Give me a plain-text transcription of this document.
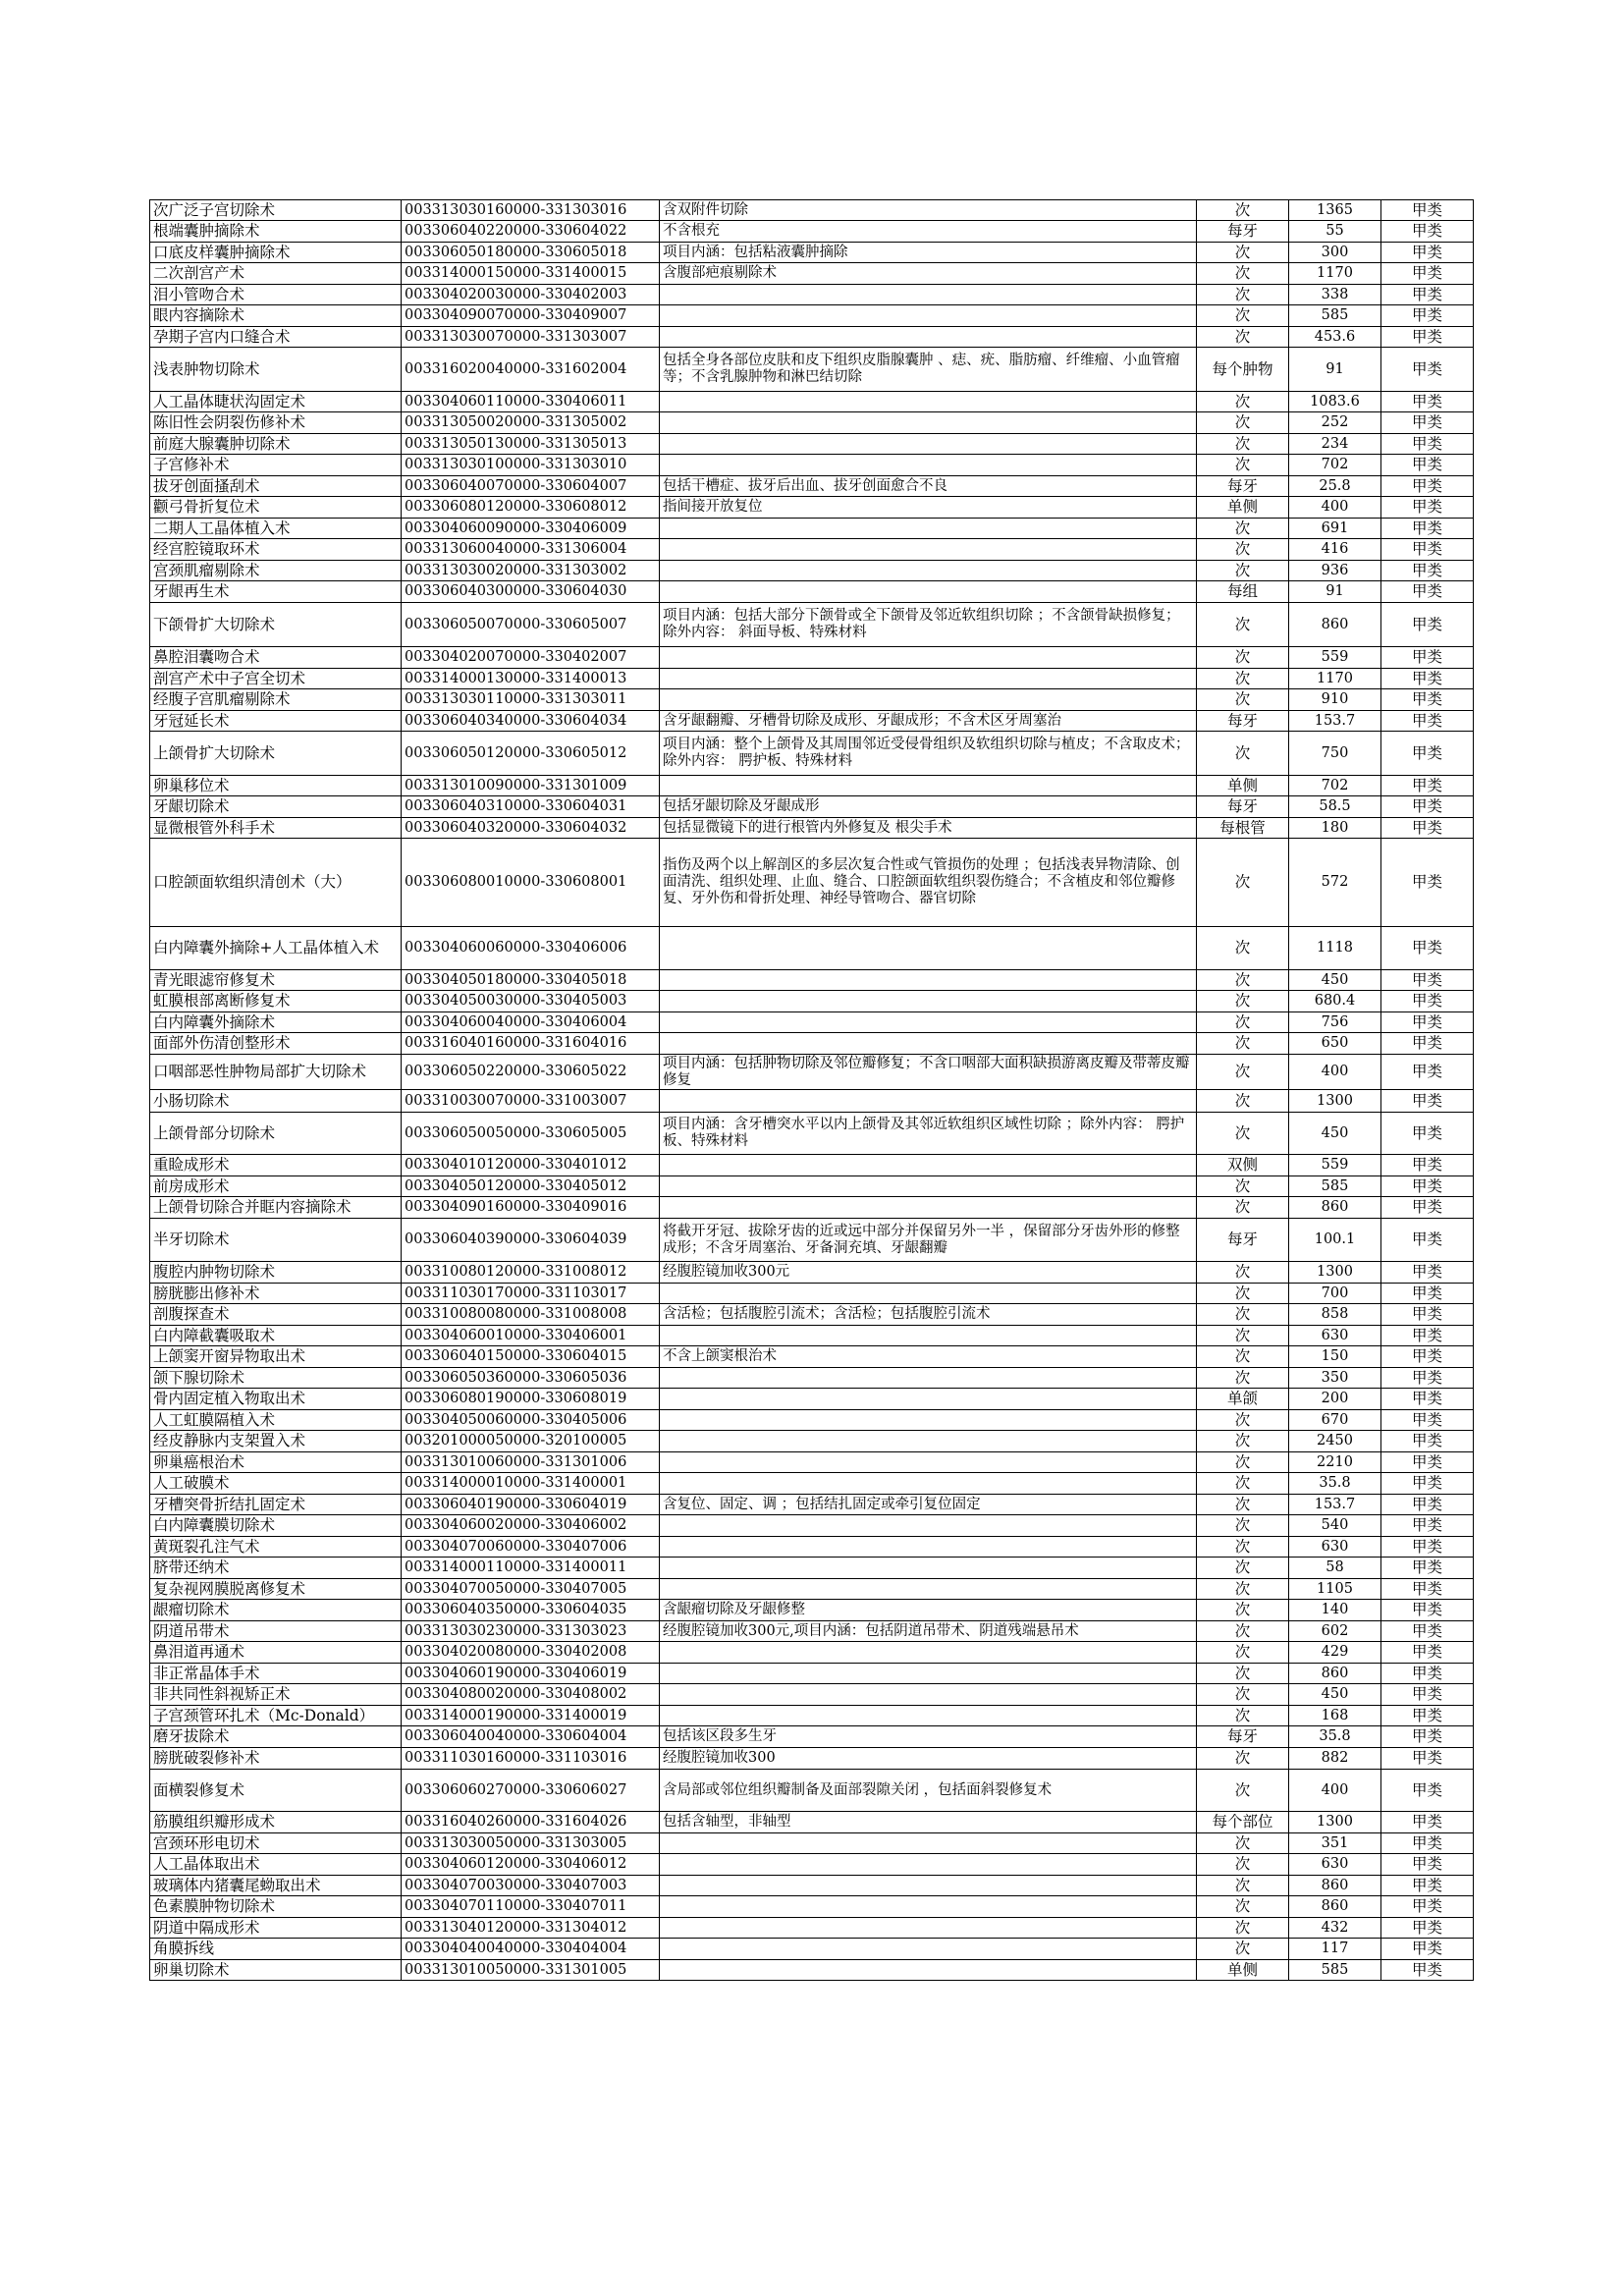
次广泛子宫切除术	003313030160000-331303016	含双附件切除	次	1365	甲类
根端囊肿摘除术	003306040220000-330604022	不含根充	每牙	55	甲类
口底皮样囊肿摘除术	003306050180000-330605018	项目内涵：包括粘液囊肿摘除	次	300	甲类
二次剖宫产术	003314000150000-331400015	含腹部疤痕剔除术	次	1170	甲类
泪小管吻合术	003304020030000-330402003		次	338	甲类
眼内容摘除术	003304090070000-330409007		次	585	甲类
孕期子宫内口缝合术	003313030070000-331303007		次	453.6	甲类
浅表肿物切除术	003316020040000-331602004	包括全身各部位皮肤和皮下组织皮脂腺囊肿 、痣、疣、脂肪瘤、纤维瘤、小血管瘤等；不含乳腺肿物和淋巴结切除	每个肿物	91	甲类
人工晶体睫状沟固定术	003304060110000-330406011		次	1083.6	甲类
陈旧性会阴裂伤修补术	003313050020000-331305002		次	252	甲类
前庭大腺囊肿切除术	003313050130000-331305013		次	234	甲类
子宫修补术	003313030100000-331303010		次	702	甲类
拔牙创面搔刮术	003306040070000-330604007	包括干槽症、拔牙后出血、拔牙创面愈合不良	每牙	25.8	甲类
颧弓骨折复位术	003306080120000-330608012	指间接开放复位	单侧	400	甲类
二期人工晶体植入术	003304060090000-330406009		次	691	甲类
经宫腔镜取环术	003313060040000-331306004		次	416	甲类
宫颈肌瘤剔除术	003313030020000-331303002		次	936	甲类
牙龈再生术	003306040300000-330604030		每组	91	甲类
下颌骨扩大切除术	003306050070000-330605007	项目内涵：包括大部分下颌骨或全下颌骨及邻近软组织切除 ；不含颌骨缺损修复；除外内容： 斜面导板、特殊材料	次	860	甲类
鼻腔泪囊吻合术	003304020070000-330402007		次	559	甲类
剖宫产术中子宫全切术	003314000130000-331400013		次	1170	甲类
经腹子宫肌瘤剔除术	003313030110000-331303011		次	910	甲类
牙冠延长术	003306040340000-330604034	含牙龈翻瓣、牙槽骨切除及成形、牙龈成形；不含术区牙周塞治	每牙	153.7	甲类
上颌骨扩大切除术	003306050120000-330605012	项目内涵：整个上颌骨及其周围邻近受侵骨组织及软组织切除与植皮；不含取皮术；除外内容： 腭护板、特殊材料	次	750	甲类
卵巢移位术	003313010090000-331301009		单侧	702	甲类
牙龈切除术	003306040310000-330604031	包括牙龈切除及牙龈成形	每牙	58.5	甲类
显微根管外科手术	003306040320000-330604032	包括显微镜下的进行根管内外修复及 根尖手术	每根管	180	甲类
口腔颌面软组织清创术（大）	003306080010000-330608001	指伤及两个以上解剖区的多层次复合性或气管损伤的处理 ；包括浅表异物清除、创面清洗、组织处理、止血、缝合、口腔颌面软组织裂伤缝合；不含植皮和邻位瓣修复、牙外伤和骨折处理、神经导管吻合、器官切除	次	572	甲类
白内障囊外摘除+人工晶体植入术	003304060060000-330406006		次	1118	甲类
青光眼滤帘修复术	003304050180000-330405018		次	450	甲类
虹膜根部离断修复术	003304050030000-330405003		次	680.4	甲类
白内障囊外摘除术	003304060040000-330406004		次	756	甲类
面部外伤清创整形术	003316040160000-331604016		次	650	甲类
口咽部恶性肿物局部扩大切除术	003306050220000-330605022	项目内涵：包括肿物切除及邻位瓣修复；不含口咽部大面积缺损游离皮瓣及带蒂皮瓣修复	次	400	甲类
小肠切除术	003310030070000-331003007		次	1300	甲类
上颌骨部分切除术	003306050050000-330605005	项目内涵：含牙槽突水平以内上颌骨及其邻近软组织区域性切除 ；除外内容： 腭护板、特殊材料	次	450	甲类
重睑成形术	003304010120000-330401012		双侧	559	甲类
前房成形术	003304050120000-330405012		次	585	甲类
上颌骨切除合并眶内容摘除术	003304090160000-330409016		次	860	甲类
半牙切除术	003306040390000-330604039	将截开牙冠、拔除牙齿的近或远中部分并保留另外一半 ，保留部分牙齿外形的修整成形；不含牙周塞治、牙备洞充填、牙龈翻瓣	每牙	100.1	甲类
腹腔内肿物切除术	003310080120000-331008012	经腹腔镜加收300元	次	1300	甲类
膀胱膨出修补术	003311030170000-331103017		次	700	甲类
剖腹探查术	003310080080000-331008008	含活检；包括腹腔引流术；含活检；包括腹腔引流术	次	858	甲类
白内障截囊吸取术	003304060010000-330406001		次	630	甲类
上颌窦开窗异物取出术	003306040150000-330604015	不含上颌窦根治术	次	150	甲类
颌下腺切除术	003306050360000-330605036		次	350	甲类
骨内固定植入物取出术	003306080190000-330608019		单颌	200	甲类
人工虹膜隔植入术	003304050060000-330405006		次	670	甲类
经皮静脉内支架置入术	003201000050000-320100005		次	2450	甲类
卵巢癌根治术	003313010060000-331301006		次	2210	甲类
人工破膜术	003314000010000-331400001		次	35.8	甲类
牙槽突骨折结扎固定术	003306040190000-330604019	含复位、固定、调 ；包括结扎固定或牵引复位固定	次	153.7	甲类
白内障囊膜切除术	003304060020000-330406002		次	540	甲类
黄斑裂孔注气术	003304070060000-330407006		次	630	甲类
脐带还纳术	003314000110000-331400011		次	58	甲类
复杂视网膜脱离修复术	003304070050000-330407005		次	1105	甲类
龈瘤切除术	003306040350000-330604035	含龈瘤切除及牙龈修整	次	140	甲类
阴道吊带术	003313030230000-331303023	经腹腔镜加收300元,项目内涵：包括阴道吊带术、阴道残端悬吊术	次	602	甲类
鼻泪道再通术	003304020080000-330402008		次	429	甲类
非正常晶体手术	003304060190000-330406019		次	860	甲类
非共同性斜视矫正术	003304080020000-330408002		次	450	甲类
子宫颈管环扎术（Mc-Donald）	003314000190000-331400019		次	168	甲类
磨牙拔除术	003306040040000-330604004	包括该区段多生牙	每牙	35.8	甲类
膀胱破裂修补术	003311030160000-331103016	经腹腔镜加收300	次	882	甲类
面横裂修复术	003306060270000-330606027	含局部或邻位组织瓣制备及面部裂隙关闭 ，包括面斜裂修复术	次	400	甲类
筋膜组织瓣形成术	003316040260000-331604026	包括含轴型，非轴型	每个部位	1300	甲类
宫颈环形电切术	003313030050000-331303005		次	351	甲类
人工晶体取出术	003304060120000-330406012		次	630	甲类
玻璃体内猪囊尾蚴取出术	003304070030000-330407003		次	860	甲类
色素膜肿物切除术	003304070110000-330407011		次	860	甲类
阴道中隔成形术	003313040120000-331304012		次	432	甲类
角膜拆线	003304040040000-330404004		次	117	甲类
卵巢切除术	003313010050000-331301005		单侧	585	甲类
